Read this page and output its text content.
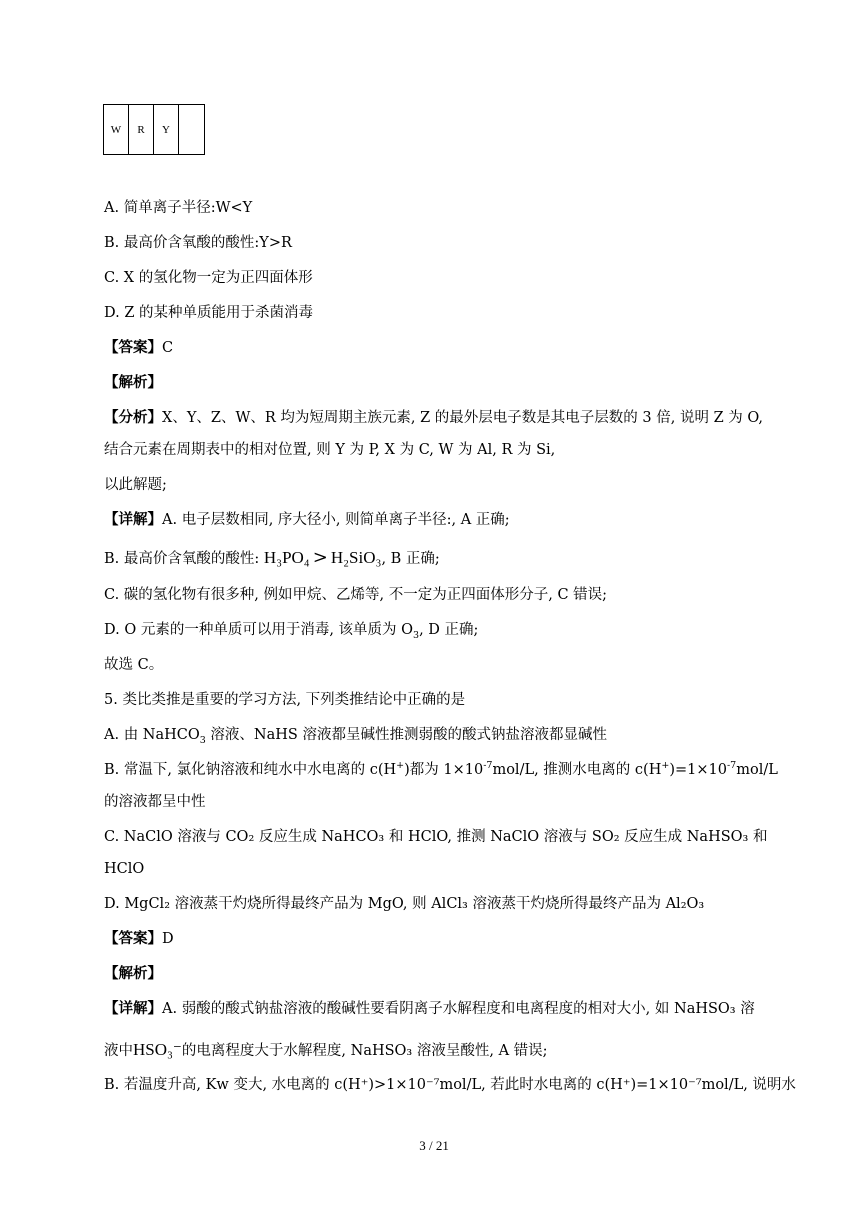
W	R	Y	
A. 简单离子半径:W<Y
B. 最高价含氧酸的酸性:Y>R
C. X 的氢化物一定为正四面体形
D. Z 的某种单质能用于杀菌消毒
【答案】C
【解析】
【分析】X、Y、Z、W、R 均为短周期主族元素, Z 的最外层电子数是其电子层数的 3 倍, 说明 Z 为 O,
结合元素在周期表中的相对位置, 则 Y 为 P, X 为 C, W 为 Al, R 为 Si,
以此解题;
【详解】A. 电子层数相同, 序大径小, 则简单离子半径:, A 正确;
B. 最高价含氧酸的酸性: H₃PO₄ > H₂SiO₃, B 正确;
C. 碳的氢化物有很多种, 例如甲烷、乙烯等, 不一定为正四面体形分子, C 错误;
D. O 元素的一种单质可以用于消毒, 该单质为 $O_3$, D 正确;
故选 C。
5. 类比类推是重要的学习方法, 下列类推结论中正确的是
A. 由 NaHCO$_3$ 溶液、NaHS 溶液都呈碱性推测弱酸的酸式钠盐溶液都显碱性
B. 常温下, 氯化钠溶液和纯水中水电离的 c(H+)都为 $1\times 10^{-7}mol/L$, 推测水电离的 $c(H^+)=1\times 10^{-7}mol/L$
的溶液都呈中性
C. NaClO 溶液与 CO₂ 反应生成 NaHCO₃ 和 HClO, 推测 NaClO 溶液与 SO₂ 反应生成 NaHSO₃ 和
HClO
D. MgCl₂ 溶液蒸干灼烧所得最终产品为 MgO, 则 AlCl₃ 溶液蒸干灼烧所得最终产品为 Al₂O₃
【答案】D
【解析】
【详解】A. 弱酸的酸式钠盐溶液的酸碱性要看阴离子水解程度和电离程度的相对大小, 如 NaHSO₃ 溶
液中HSO₃⁻的电离程度大于水解程度, NaHSO₃ 溶液呈酸性, A 错误;
B. 若温度升高, Kw 变大, 水电离的 c(H⁺)>1×10⁻⁷mol/L, 若此时水电离的 c(H⁺)=1×10⁻⁷mol/L, 说明水
3 / 21
